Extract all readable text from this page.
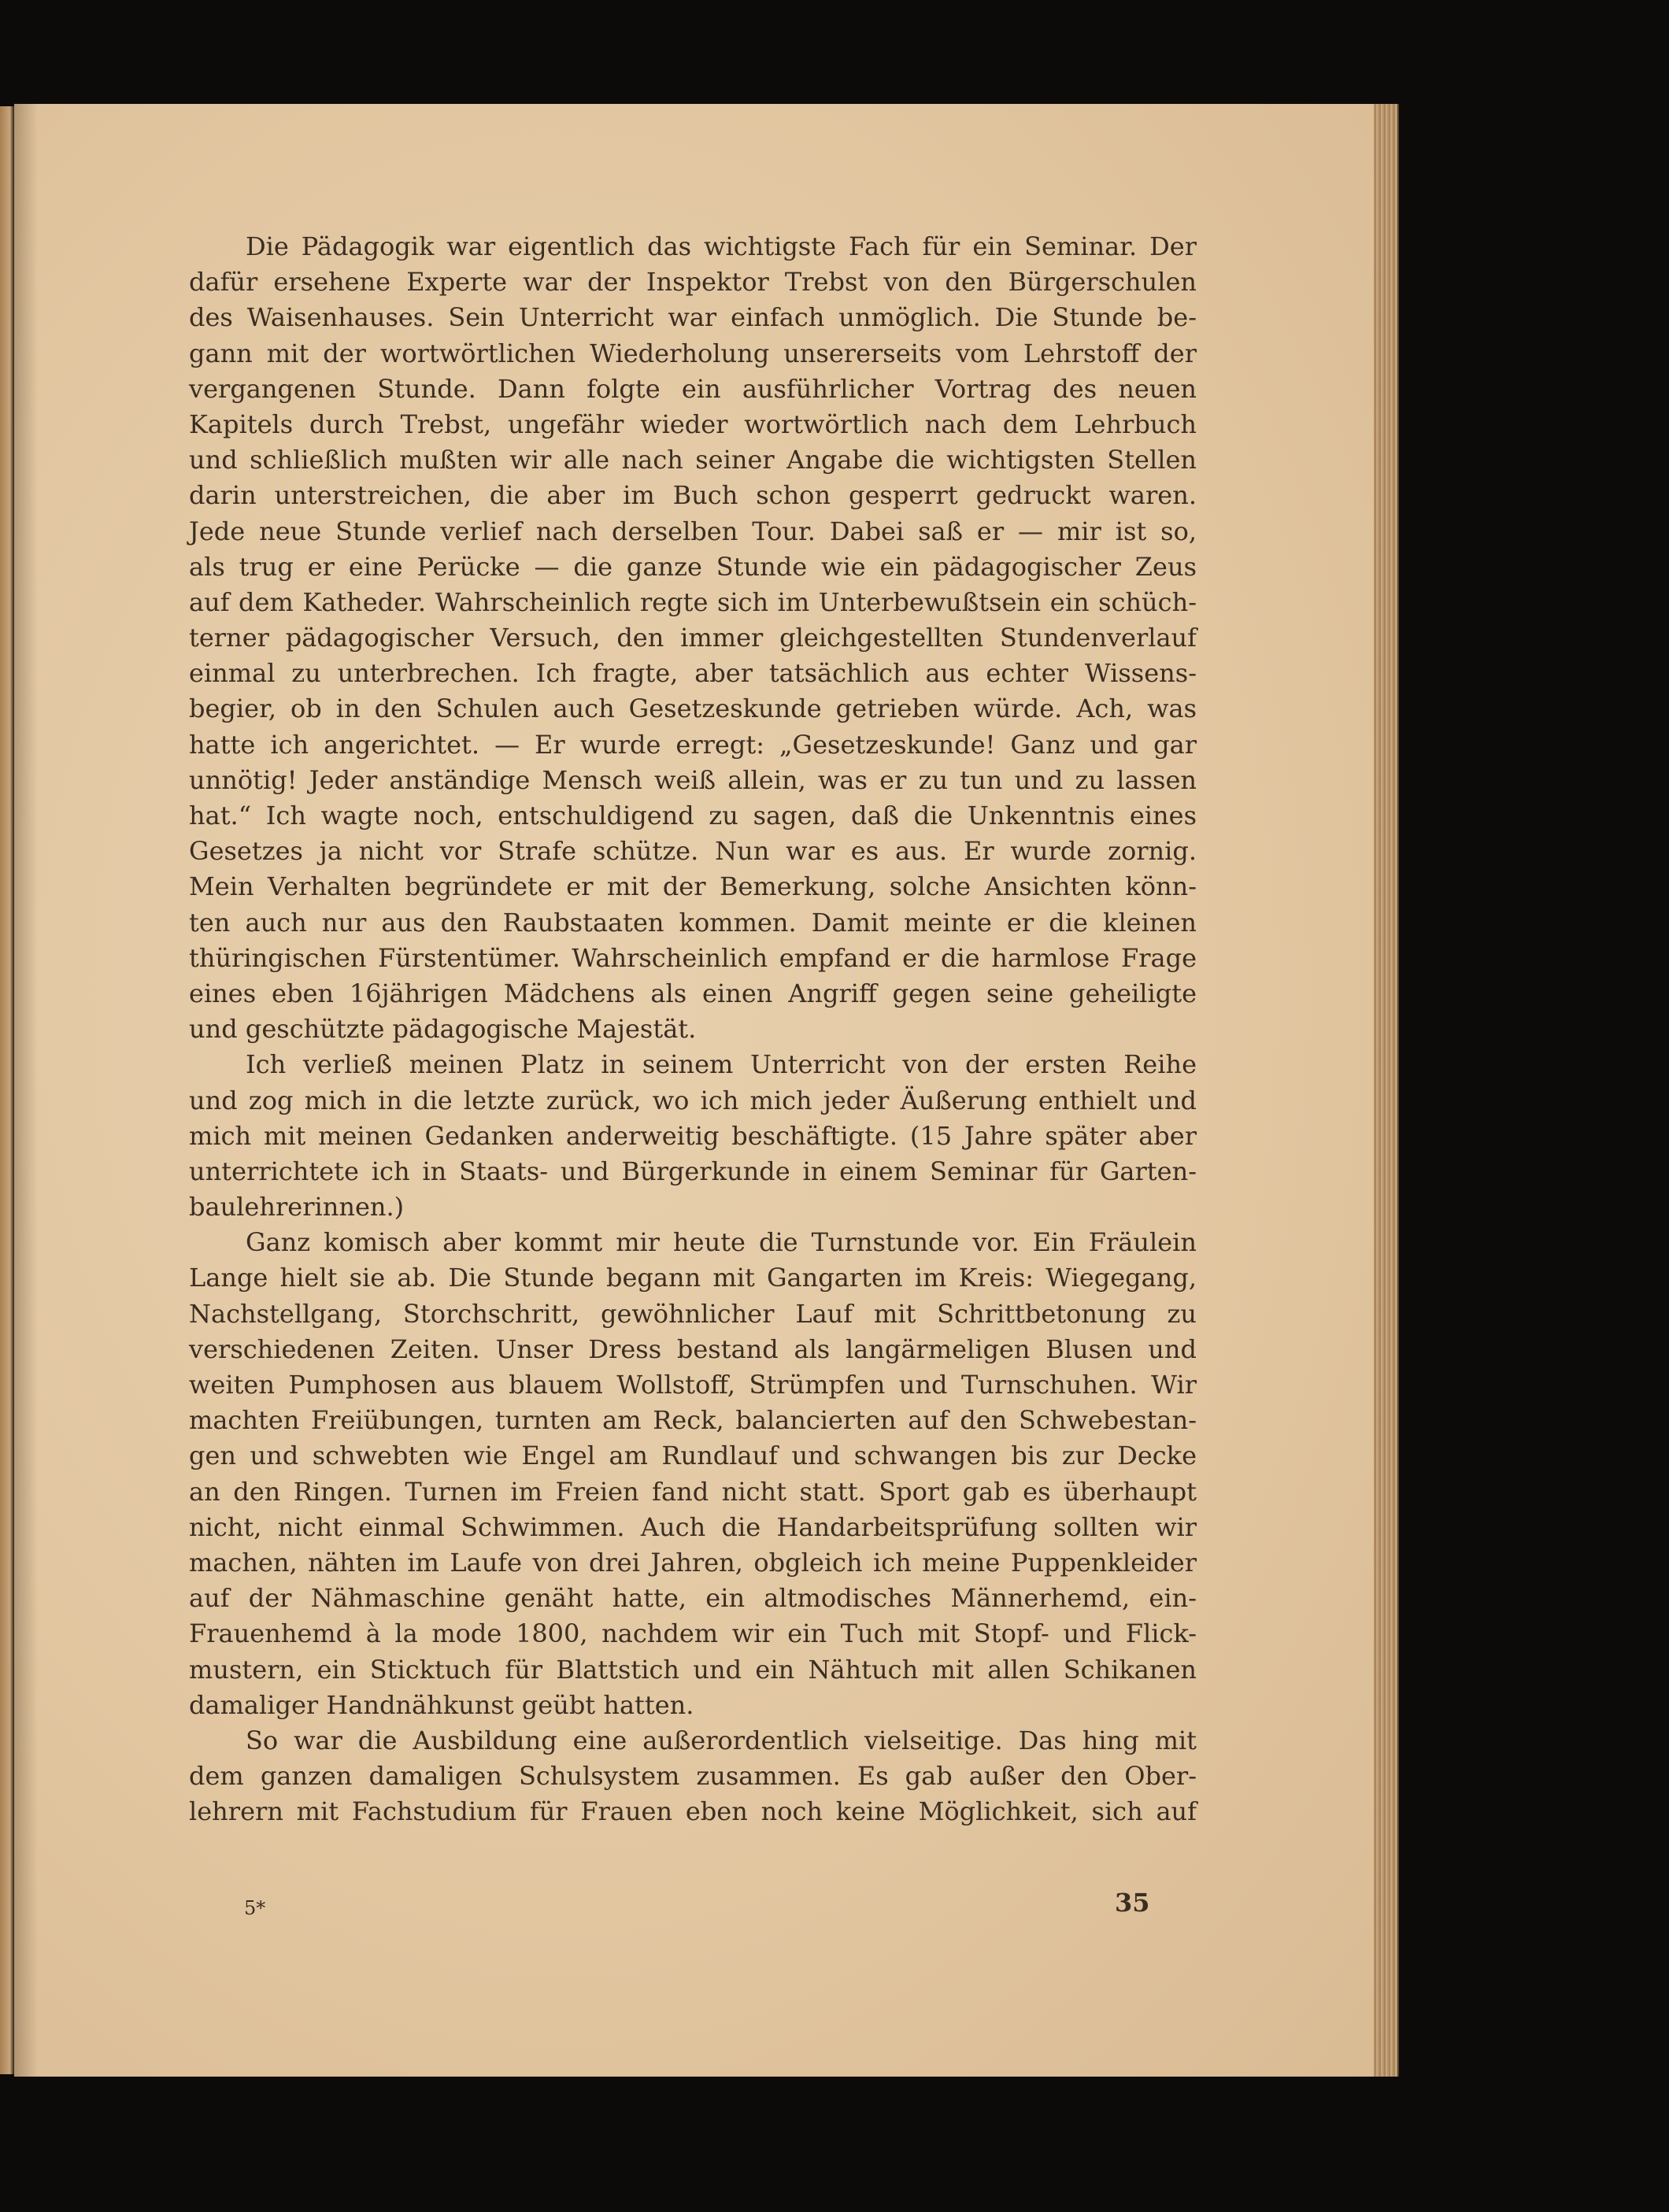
Die Pädagogik war eigentlich das wichtigste Fach für ein Seminar. Der

dafür ersehene Experte war der Inspektor Trebst von den Bürgerschulen

des Waisenhauses. Sein Unterricht war einfach unmöglich. Die Stunde be-

gann mit der wortwörtlichen Wiederholung unsererseits vom Lehrstoff der

vergangenen Stunde. Dann folgte ein ausführlicher Vortrag des neuen

Kapitels durch Trebst, ungefähr wieder wortwörtlich nach dem Lehrbuch

und schließlich mußten wir alle nach seiner Angabe die wichtigsten Stellen

darin unterstreichen, die aber im Buch schon gesperrt gedruckt waren.

Jede neue Stunde verlief nach derselben Tour. Dabei saß er — mir ist so,

als trug er eine Perücke — die ganze Stunde wie ein pädagogischer Zeus

auf dem Katheder. Wahrscheinlich regte sich im Unterbewußtsein ein schüch-

terner pädagogischer Versuch, den immer gleichgestellten Stundenverlauf

einmal zu unterbrechen. Ich fragte, aber tatsächlich aus echter Wissens-

begier, ob in den Schulen auch Gesetzeskunde getrieben würde. Ach, was

hatte ich angerichtet. — Er wurde erregt: „Gesetzeskunde! Ganz und gar

unnötig! Jeder anständige Mensch weiß allein, was er zu tun und zu lassen

hat.“ Ich wagte noch, entschuldigend zu sagen, daß die Unkenntnis eines

Gesetzes ja nicht vor Strafe schütze. Nun war es aus. Er wurde zornig.

Mein Verhalten begründete er mit der Bemerkung, solche Ansichten könn-

ten auch nur aus den Raubstaaten kommen. Damit meinte er die kleinen

thüringischen Fürstentümer. Wahrscheinlich empfand er die harmlose Frage

eines eben 16jährigen Mädchens als einen Angriff gegen seine geheiligte

und geschützte pädagogische Majestät.

Ich verließ meinen Platz in seinem Unterricht von der ersten Reihe

und zog mich in die letzte zurück, wo ich mich jeder Äußerung enthielt und

mich mit meinen Gedanken anderweitig beschäftigte. (15 Jahre später aber

unterrichtete ich in Staats- und Bürgerkunde in einem Seminar für Garten-

baulehrerinnen.)

Ganz komisch aber kommt mir heute die Turnstunde vor. Ein Fräulein

Lange hielt sie ab. Die Stunde begann mit Gangarten im Kreis: Wiegegang,

Nachstellgang, Storchschritt, gewöhnlicher Lauf mit Schrittbetonung zu

verschiedenen Zeiten. Unser Dress bestand als langärmeligen Blusen und

weiten Pumphosen aus blauem Wollstoff, Strümpfen und Turnschuhen. Wir

machten Freiübungen, turnten am Reck, balancierten auf den Schwebestan-

gen und schwebten wie Engel am Rundlauf und schwangen bis zur Decke

an den Ringen. Turnen im Freien fand nicht statt. Sport gab es überhaupt

nicht, nicht einmal Schwimmen. Auch die Handarbeitsprüfung sollten wir

machen, nähten im Laufe von drei Jahren, obgleich ich meine Puppenkleider

auf der Nähmaschine genäht hatte, ein altmodisches Männerhemd, ein-

Frauenhemd à la mode 1800, nachdem wir ein Tuch mit Stopf- und Flick-

mustern, ein Sticktuch für Blattstich und ein Nähtuch mit allen Schikanen

damaliger Handnähkunst geübt hatten.

So war die Ausbildung eine außerordentlich vielseitige. Das hing mit

dem ganzen damaligen Schulsystem zusammen. Es gab außer den Ober-

lehrern mit Fachstudium für Frauen eben noch keine Möglichkeit, sich auf

5*	35
